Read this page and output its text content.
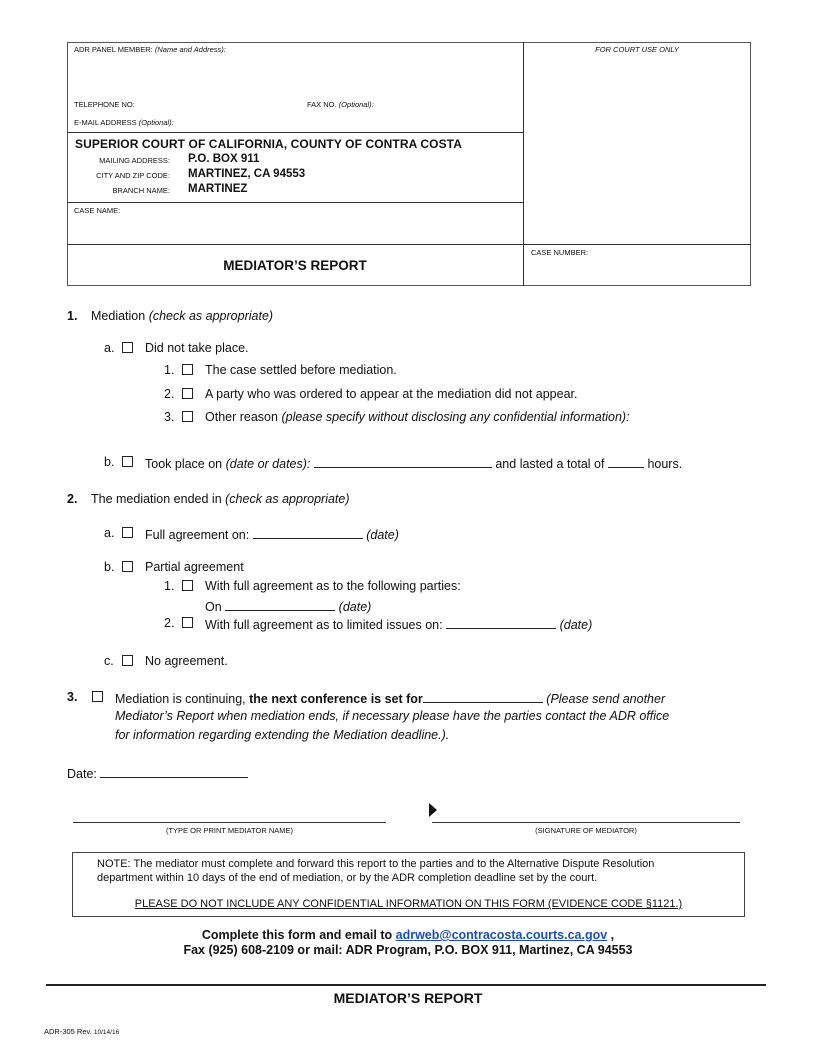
ADR PANEL MEMBER: (Name and Address):
TELEPHONE NO:	FAX NO. (Optional):
E-MAIL ADDRESS (Optional):
FOR COURT USE ONLY
SUPERIOR COURT OF CALIFORNIA, COUNTY OF CONTRA COSTA
MAILING ADDRESS: P.O. BOX 911
CITY AND ZIP CODE: MARTINEZ, CA 94553
BRANCH NAME: MARTINEZ
CASE NAME:
CASE NUMBER:
MEDIATOR’S REPORT
1. Mediation (check as appropriate)
a. Did not take place.
1. The case settled before mediation.
2. A party who was ordered to appear at the mediation did not appear.
3. Other reason (please specify without disclosing any confidential information):
b. Took place on (date or dates):	and lasted a total of	hours.
2. The mediation ended in (check as appropriate)
a. Full agreement on:	(date)
b. Partial agreement
1. With full agreement as to the following parties:
On	(date)
2. With full agreement as to limited issues on:	(date)
c.	No agreement.
3.	Mediation is continuing, the next conference is set for	(Please send another
Mediator’s Report when mediation ends, if necessary please have the parties contact the ADR office
for information regarding extending the Mediation deadline.).
Date:
(TYPE OR PRINT MEDIATOR NAME)	(SIGNATURE OF MEDIATOR)
NOTE: The mediator must complete and forward this report to the parties and to the Alternative Dispute Resolution
department within 10 days of the end of mediation, or by the ADR completion deadline set by the court.
PLEASE DO NOT INCLUDE ANY CONFIDENTIAL INFORMATION ON THIS FORM (EVIDENCE CODE §1121.)
Complete this form and email to adrweb@contracosta.courts.ca.gov ,
Fax (925) 608-2109 or mail: ADR Program, P.O. BOX 911, Martinez, CA 94553
MEDIATOR’S REPORT
ADR-305 Rev. 10/14/16
